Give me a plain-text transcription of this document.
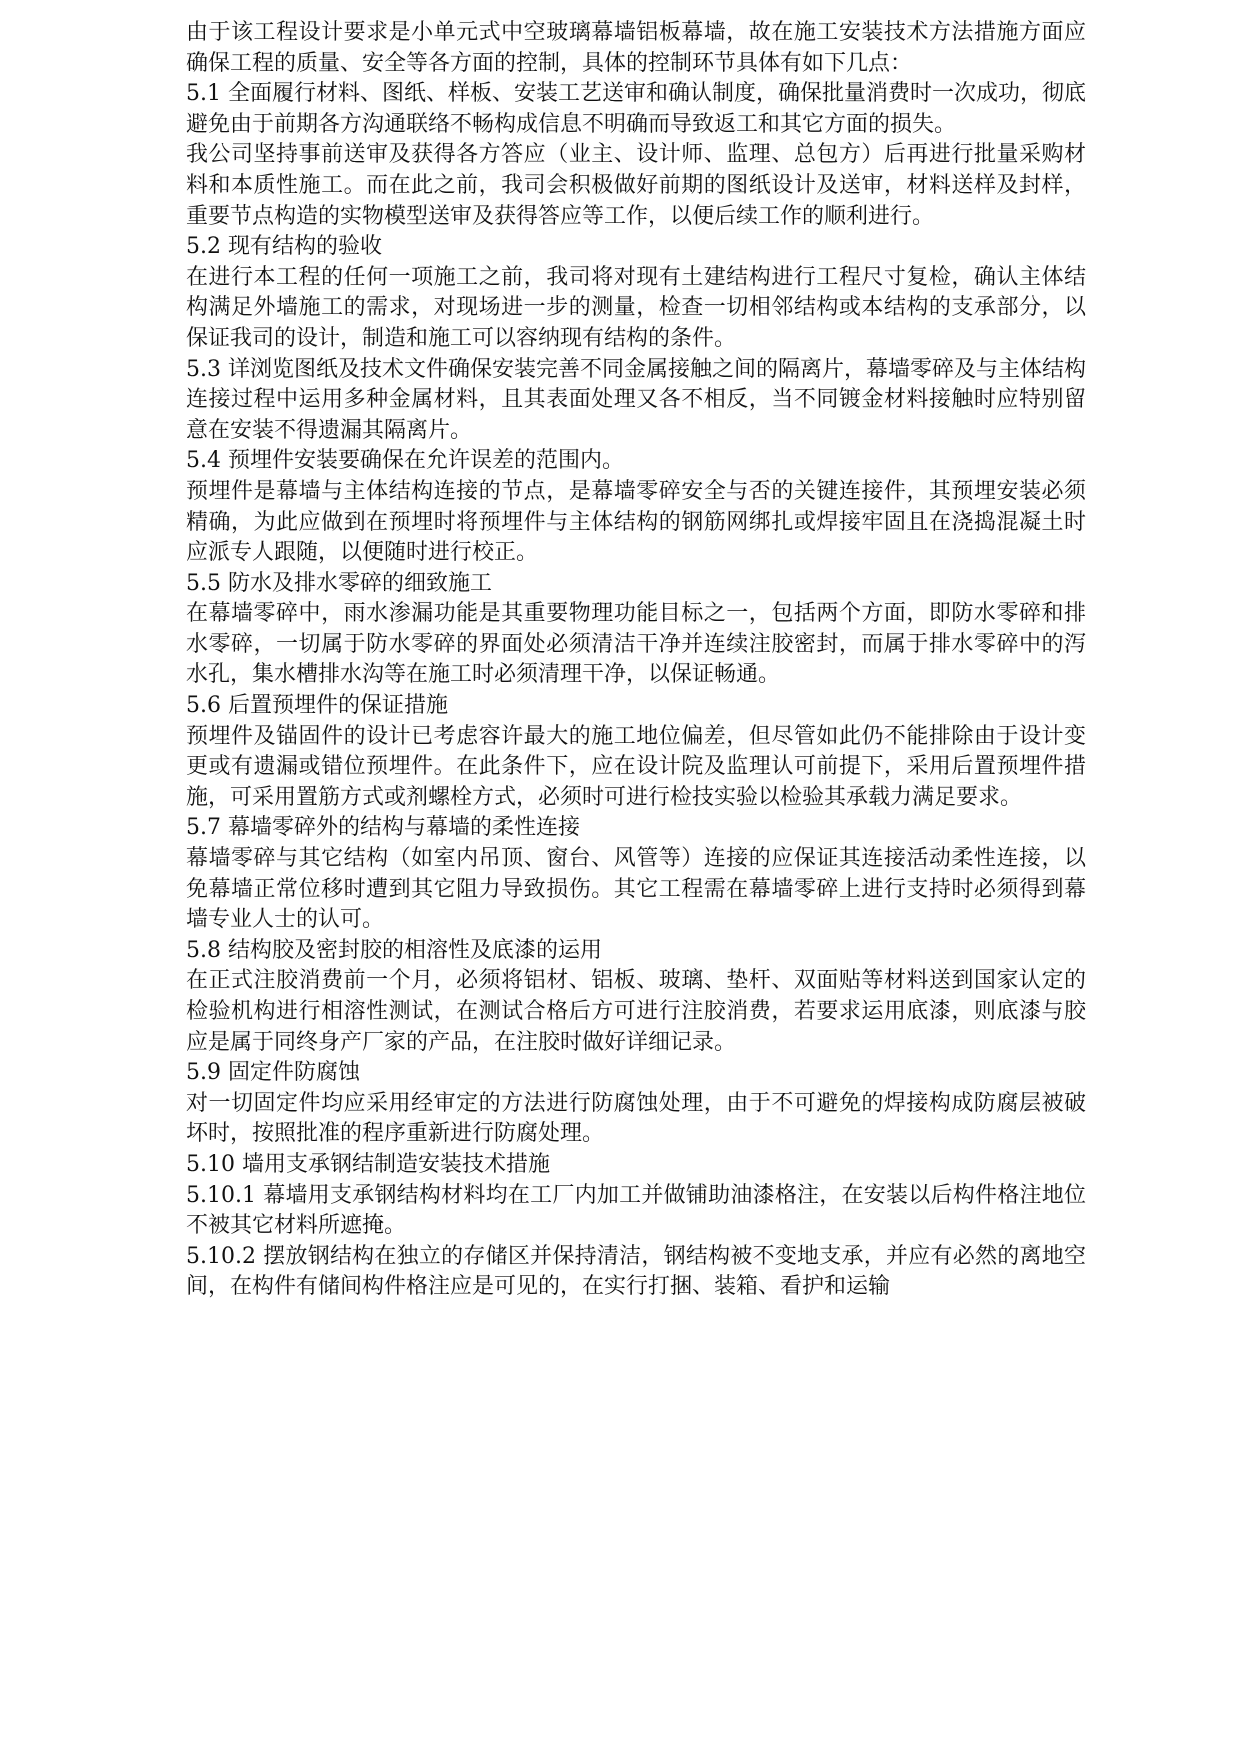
由于该工程设计要求是小单元式中空玻璃幕墙铝板幕墙，故在施工安装技术方法措施方面应确保工程的质量、安全等各方面的控制，具体的控制环节具体有如下几点：

5.1 全面履行材料、图纸、样板、安装工艺送审和确认制度，确保批量消费时一次成功，彻底避免由于前期各方沟通联络不畅构成信息不明确而导致返工和其它方面的损失。

我公司坚持事前送审及获得各方答应（业主、设计师、监理、总包方）后再进行批量采购材料和本质性施工。而在此之前，我司会积极做好前期的图纸设计及送审，材料送样及封样，重要节点构造的实物模型送审及获得答应等工作，以便后续工作的顺利进行。

5.2 现有结构的验收

在进行本工程的任何一项施工之前，我司将对现有土建结构进行工程尺寸复检，确认主体结构满足外墙施工的需求，对现场进一步的测量，检查一切相邻结构或本结构的支承部分，以保证我司的设计，制造和施工可以容纳现有结构的条件。

5.3 详浏览图纸及技术文件确保安装完善不同金属接触之间的隔离片，幕墙零碎及与主体结构连接过程中运用多种金属材料，且其表面处理又各不相反，当不同镀金材料接触时应特别留意在安装不得遗漏其隔离片。

5.4 预埋件安装要确保在允许误差的范围内。

预埋件是幕墙与主体结构连接的节点，是幕墙零碎安全与否的关键连接件，其预埋安装必须精确，为此应做到在预埋时将预埋件与主体结构的钢筋网绑扎或焊接牢固且在浇捣混凝土时应派专人跟随，以便随时进行校正。

5.5 防水及排水零碎的细致施工

在幕墙零碎中，雨水渗漏功能是其重要物理功能目标之一，包括两个方面，即防水零碎和排水零碎，一切属于防水零碎的界面处必须清洁干净并连续注胶密封，而属于排水零碎中的泻水孔，集水槽排水沟等在施工时必须清理干净，以保证畅通。

5.6 后置预埋件的保证措施

预埋件及锚固件的设计已考虑容许最大的施工地位偏差，但尽管如此仍不能排除由于设计变更或有遗漏或错位预埋件。在此条件下，应在设计院及监理认可前提下，采用后置预埋件措施，可采用置筋方式或剂螺栓方式，必须时可进行检技实验以检验其承载力满足要求。

5.7 幕墙零碎外的结构与幕墙的柔性连接

幕墙零碎与其它结构（如室内吊顶、窗台、风管等）连接的应保证其连接活动柔性连接，以免幕墙正常位移时遭到其它阻力导致损伤。其它工程需在幕墙零碎上进行支持时必须得到幕墙专业人士的认可。

5.8 结构胶及密封胶的相溶性及底漆的运用

在正式注胶消费前一个月，必须将铝材、铝板、玻璃、垫杆、双面贴等材料送到国家认定的检验机构进行相溶性测试，在测试合格后方可进行注胶消费，若要求运用底漆，则底漆与胶应是属于同终身产厂家的产品，在注胶时做好详细记录。

5.9 固定件防腐蚀

对一切固定件均应采用经审定的方法进行防腐蚀处理，由于不可避免的焊接构成防腐层被破坏时，按照批准的程序重新进行防腐处理。

5.10 墙用支承钢结制造安装技术措施

5.10.1 幕墙用支承钢结构材料均在工厂内加工并做铺助油漆格注，在安装以后构件格注地位不被其它材料所遮掩。

5.10.2 摆放钢结构在独立的存储区并保持清洁，钢结构被不变地支承，并应有必然的离地空间，在构件有储间构件格注应是可见的，在实行打捆、装箱、看护和运输
